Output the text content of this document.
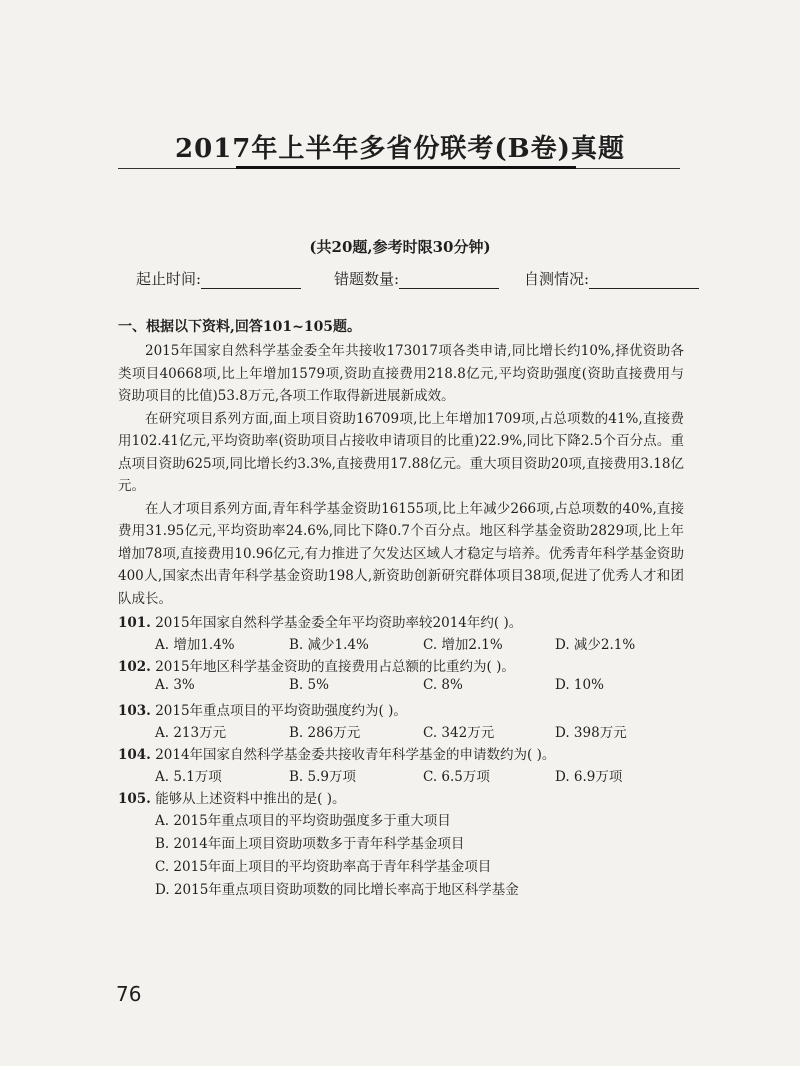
2017年上半年多省份联考(B卷)真题
(共20题,参考时限30分钟)
起止时间:	错题数量:	自测情况:
一、根据以下资料,回答101~105题。

2015年国家自然科学基金委全年共接收173017项各类申请,同比增长约10%,择优资助各类项目40668项,比上年增加1579项,资助直接费用218.8亿元,平均资助强度(资助直接费用与资助项目的比值)53.8万元,各项工作取得新进展新成效。

在研究项目系列方面,面上项目资助16709项,比上年增加1709项,占总项数的41%,直接费用102.41亿元,平均资助率(资助项目占接收申请项目的比重)22.9%,同比下降2.5个百分点。重点项目资助625项,同比增长约3.3%,直接费用17.88亿元。重大项目资助20项,直接费用3.18亿元。

在人才项目系列方面,青年科学基金资助16155项,比上年减少266项,占总项数的40%,直接费用31.95亿元,平均资助率24.6%,同比下降0.7个百分点。地区科学基金资助2829项,比上年增加78项,直接费用10.96亿元,有力推进了欠发达区域人才稳定与培养。优秀青年科学基金资助400人,国家杰出青年科学基金资助198人,新资助创新研究群体项目38项,促进了优秀人才和团队成长。

101. 2015年国家自然科学基金委全年平均资助率较2014年约( )。
A. 增加1.4%	B. 减少1.4%	C. 增加2.1%	D. 减少2.1%
102. 2015年地区科学基金资助的直接费用占总额的比重约为( )。
A. 3%	B. 5%	C. 8%	D. 10%
103. 2015年重点项目的平均资助强度约为( )。
A. 213万元	B. 286万元	C. 342万元	D. 398万元
104. 2014年国家自然科学基金委共接收青年科学基金的申请数约为( )。
A. 5.1万项	B. 5.9万项	C. 6.5万项	D. 6.9万项
105. 能够从上述资料中推出的是( )。
A. 2015年重点项目的平均资助强度多于重大项目
B. 2014年面上项目资助项数多于青年科学基金项目
C. 2015年面上项目的平均资助率高于青年科学基金项目
D. 2015年重点项目资助项数的同比增长率高于地区科学基金
76
